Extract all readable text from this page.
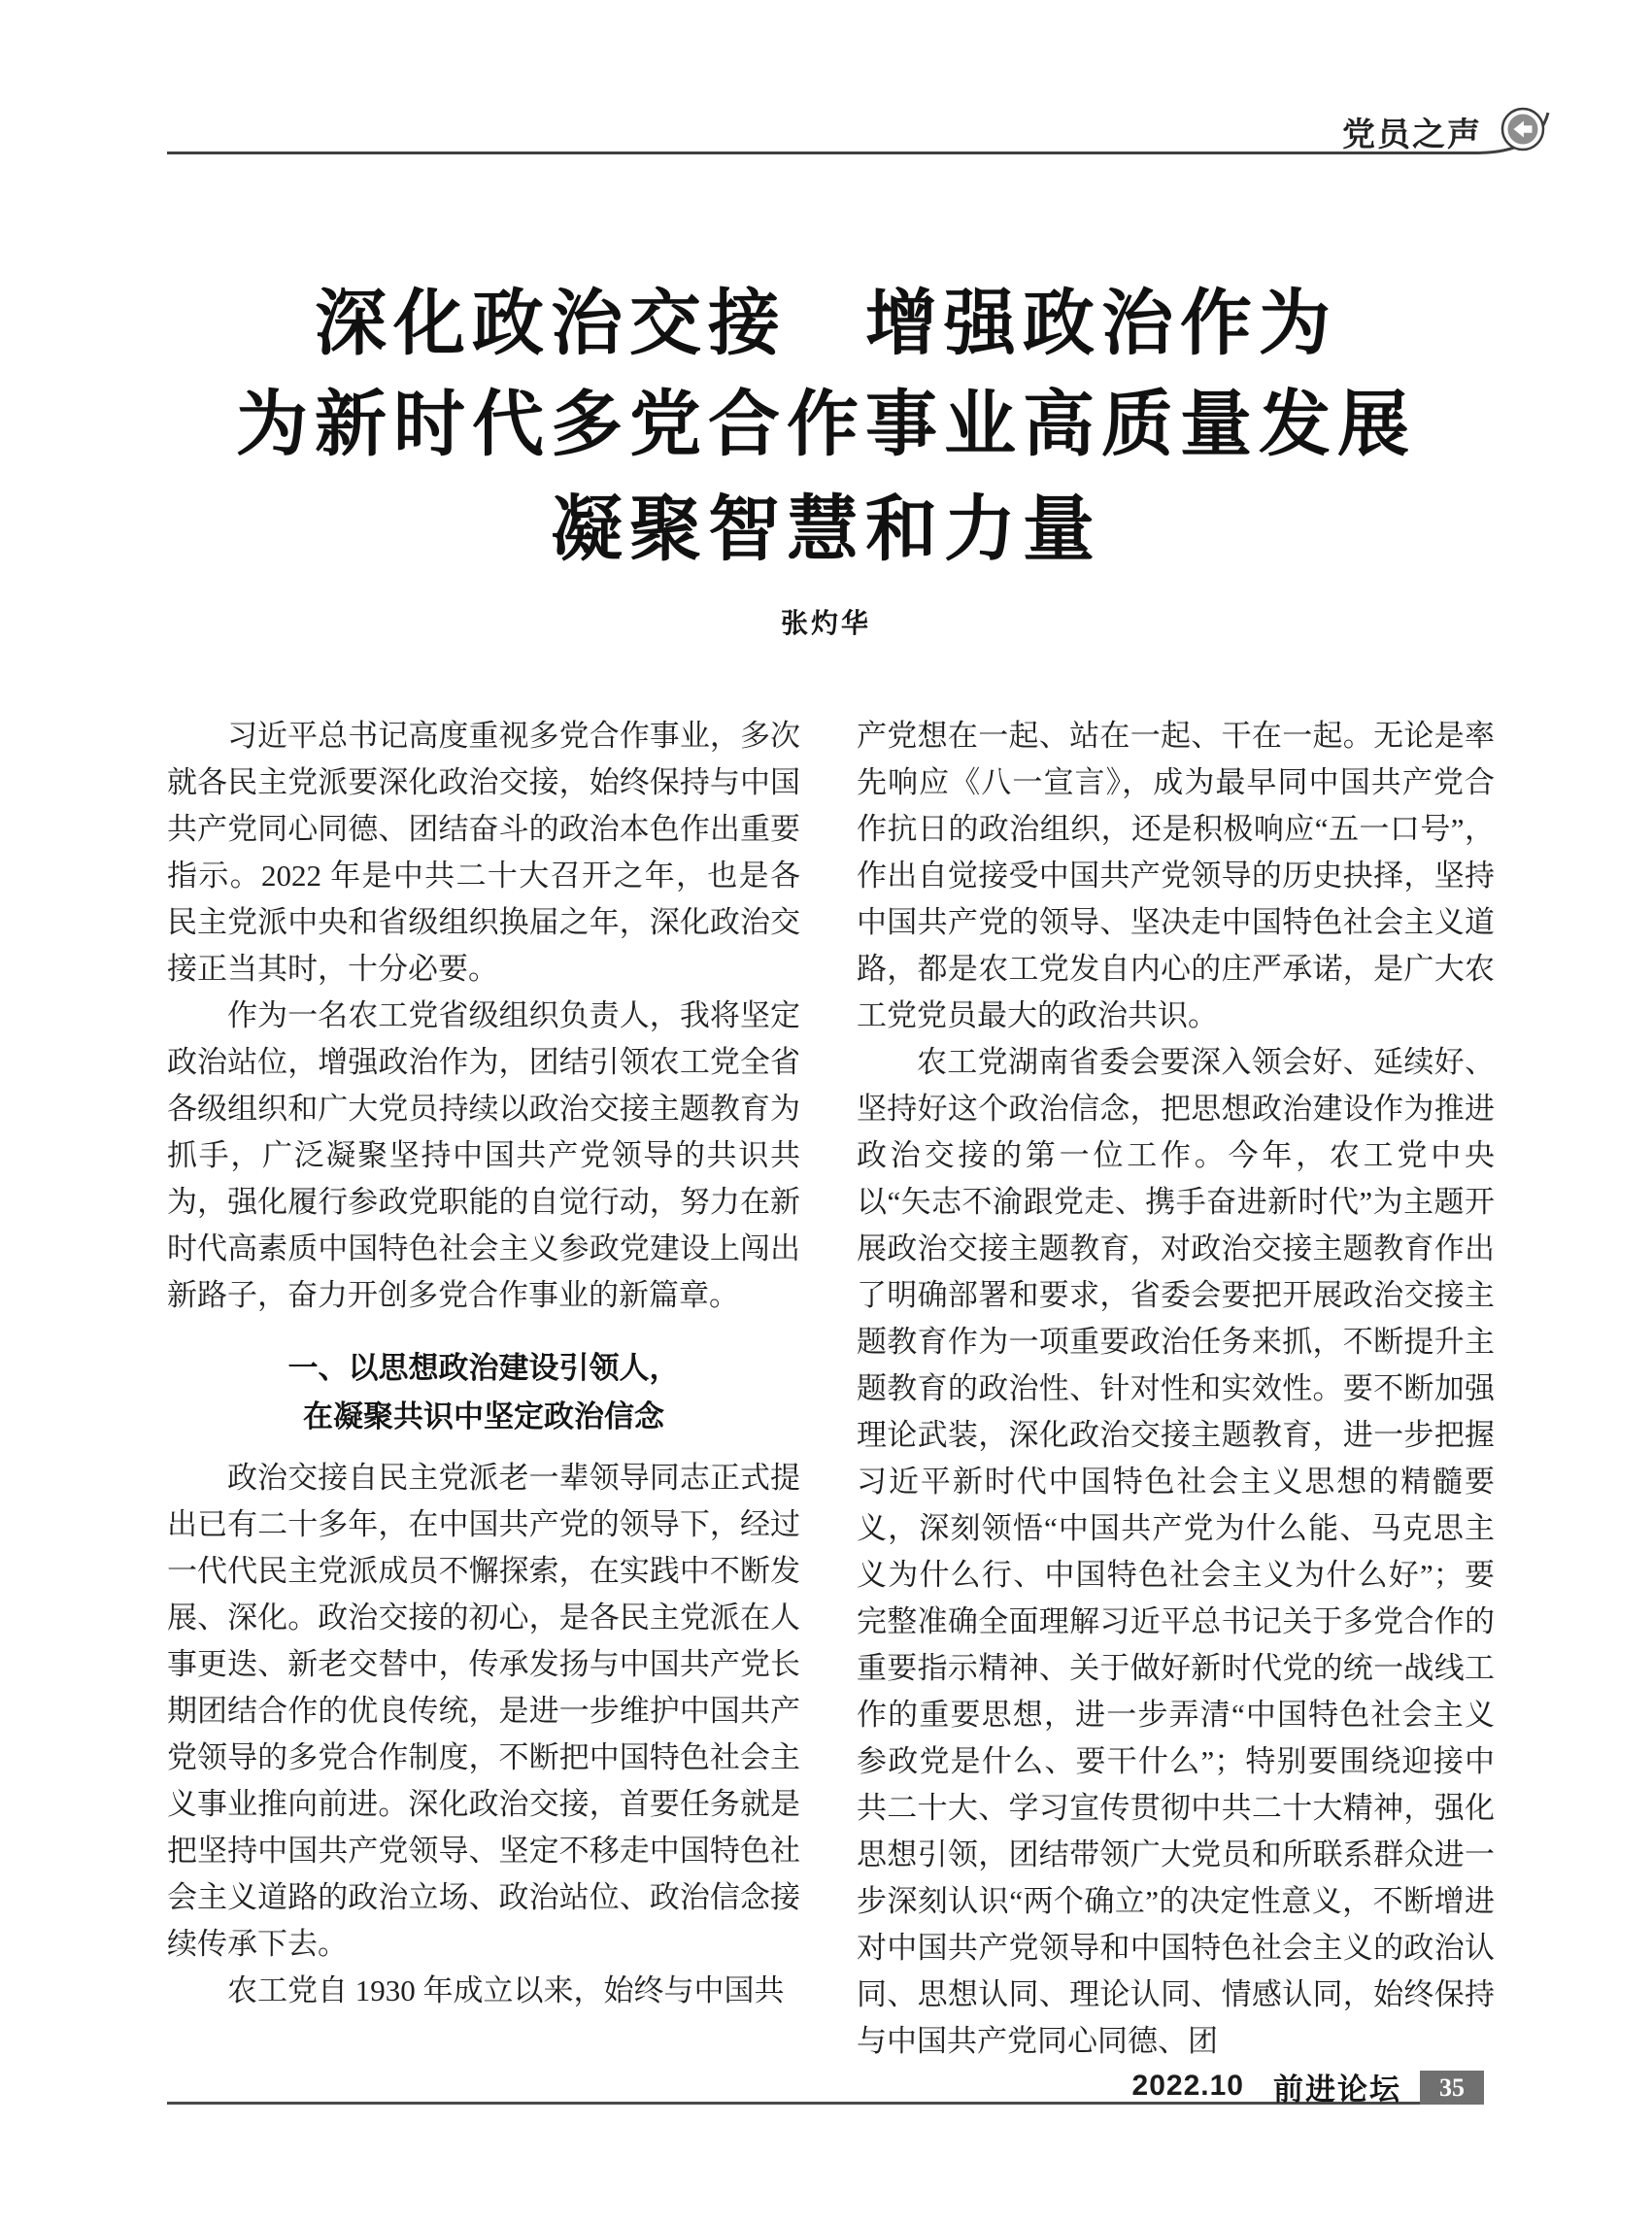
党员之声
深化政治交接　增强政治作为
为新时代多党合作事业高质量发展
凝聚智慧和力量
张灼华

习近平总书记高度重视多党合作事业，多次就各民主党派要深化政治交接，始终保持与中国共产党同心同德、团结奋斗的政治本色作出重要指示。2022 年是中共二十大召开之年，也是各民主党派中央和省级组织换届之年，深化政治交接正当其时，十分必要。

作为一名农工党省级组织负责人，我将坚定政治站位，增强政治作为，团结引领农工党全省各级组织和广大党员持续以政治交接主题教育为抓手，广泛凝聚坚持中国共产党领导的共识共为，强化履行参政党职能的自觉行动，努力在新时代高素质中国特色社会主义参政党建设上闯出新路子，奋力开创多党合作事业的新篇章。

一、以思想政治建设引领人，
在凝聚共识中坚定政治信念

政治交接自民主党派老一辈领导同志正式提出已有二十多年，在中国共产党的领导下，经过一代代民主党派成员不懈探索，在实践中不断发展、深化。政治交接的初心，是各民主党派在人事更迭、新老交替中，传承发扬与中国共产党长期团结合作的优良传统，是进一步维护中国共产党领导的多党合作制度，不断把中国特色社会主义事业推向前进。深化政治交接，首要任务就是把坚持中国共产党领导、坚定不移走中国特色社会主义道路的政治立场、政治站位、政治信念接续传承下去。

农工党自 1930 年成立以来，始终与中国共

产党想在一起、站在一起、干在一起。无论是率先响应《八一宣言》，成为最早同中国共产党合作抗日的政治组织，还是积极响应“五一口号”，作出自觉接受中国共产党领导的历史抉择，坚持中国共产党的领导、坚决走中国特色社会主义道路，都是农工党发自内心的庄严承诺，是广大农工党党员最大的政治共识。

农工党湖南省委会要深入领会好、延续好、坚持好这个政治信念，把思想政治建设作为推进政治交接的第一位工作。今年，农工党中央以“矢志不渝跟党走、携手奋进新时代”为主题开展政治交接主题教育，对政治交接主题教育作出了明确部署和要求，省委会要把开展政治交接主题教育作为一项重要政治任务来抓，不断提升主题教育的政治性、针对性和实效性。要不断加强理论武装，深化政治交接主题教育，进一步把握习近平新时代中国特色社会主义思想的精髓要义，深刻领悟“中国共产党为什么能、马克思主义为什么行、中国特色社会主义为什么好”；要完整准确全面理解习近平总书记关于多党合作的重要指示精神、关于做好新时代党的统一战线工作的重要思想，进一步弄清“中国特色社会主义参政党是什么、要干什么”；特别要围绕迎接中共二十大、学习宣传贯彻中共二十大精神，强化思想引领，团结带领广大党员和所联系群众进一步深刻认识“两个确立”的决定性意义，不断增进对中国共产党领导和中国特色社会主义的政治认同、思想认同、理论认同、情感认同，始终保持与中国共产党同心同德、团

2022.10 前进论坛 35
